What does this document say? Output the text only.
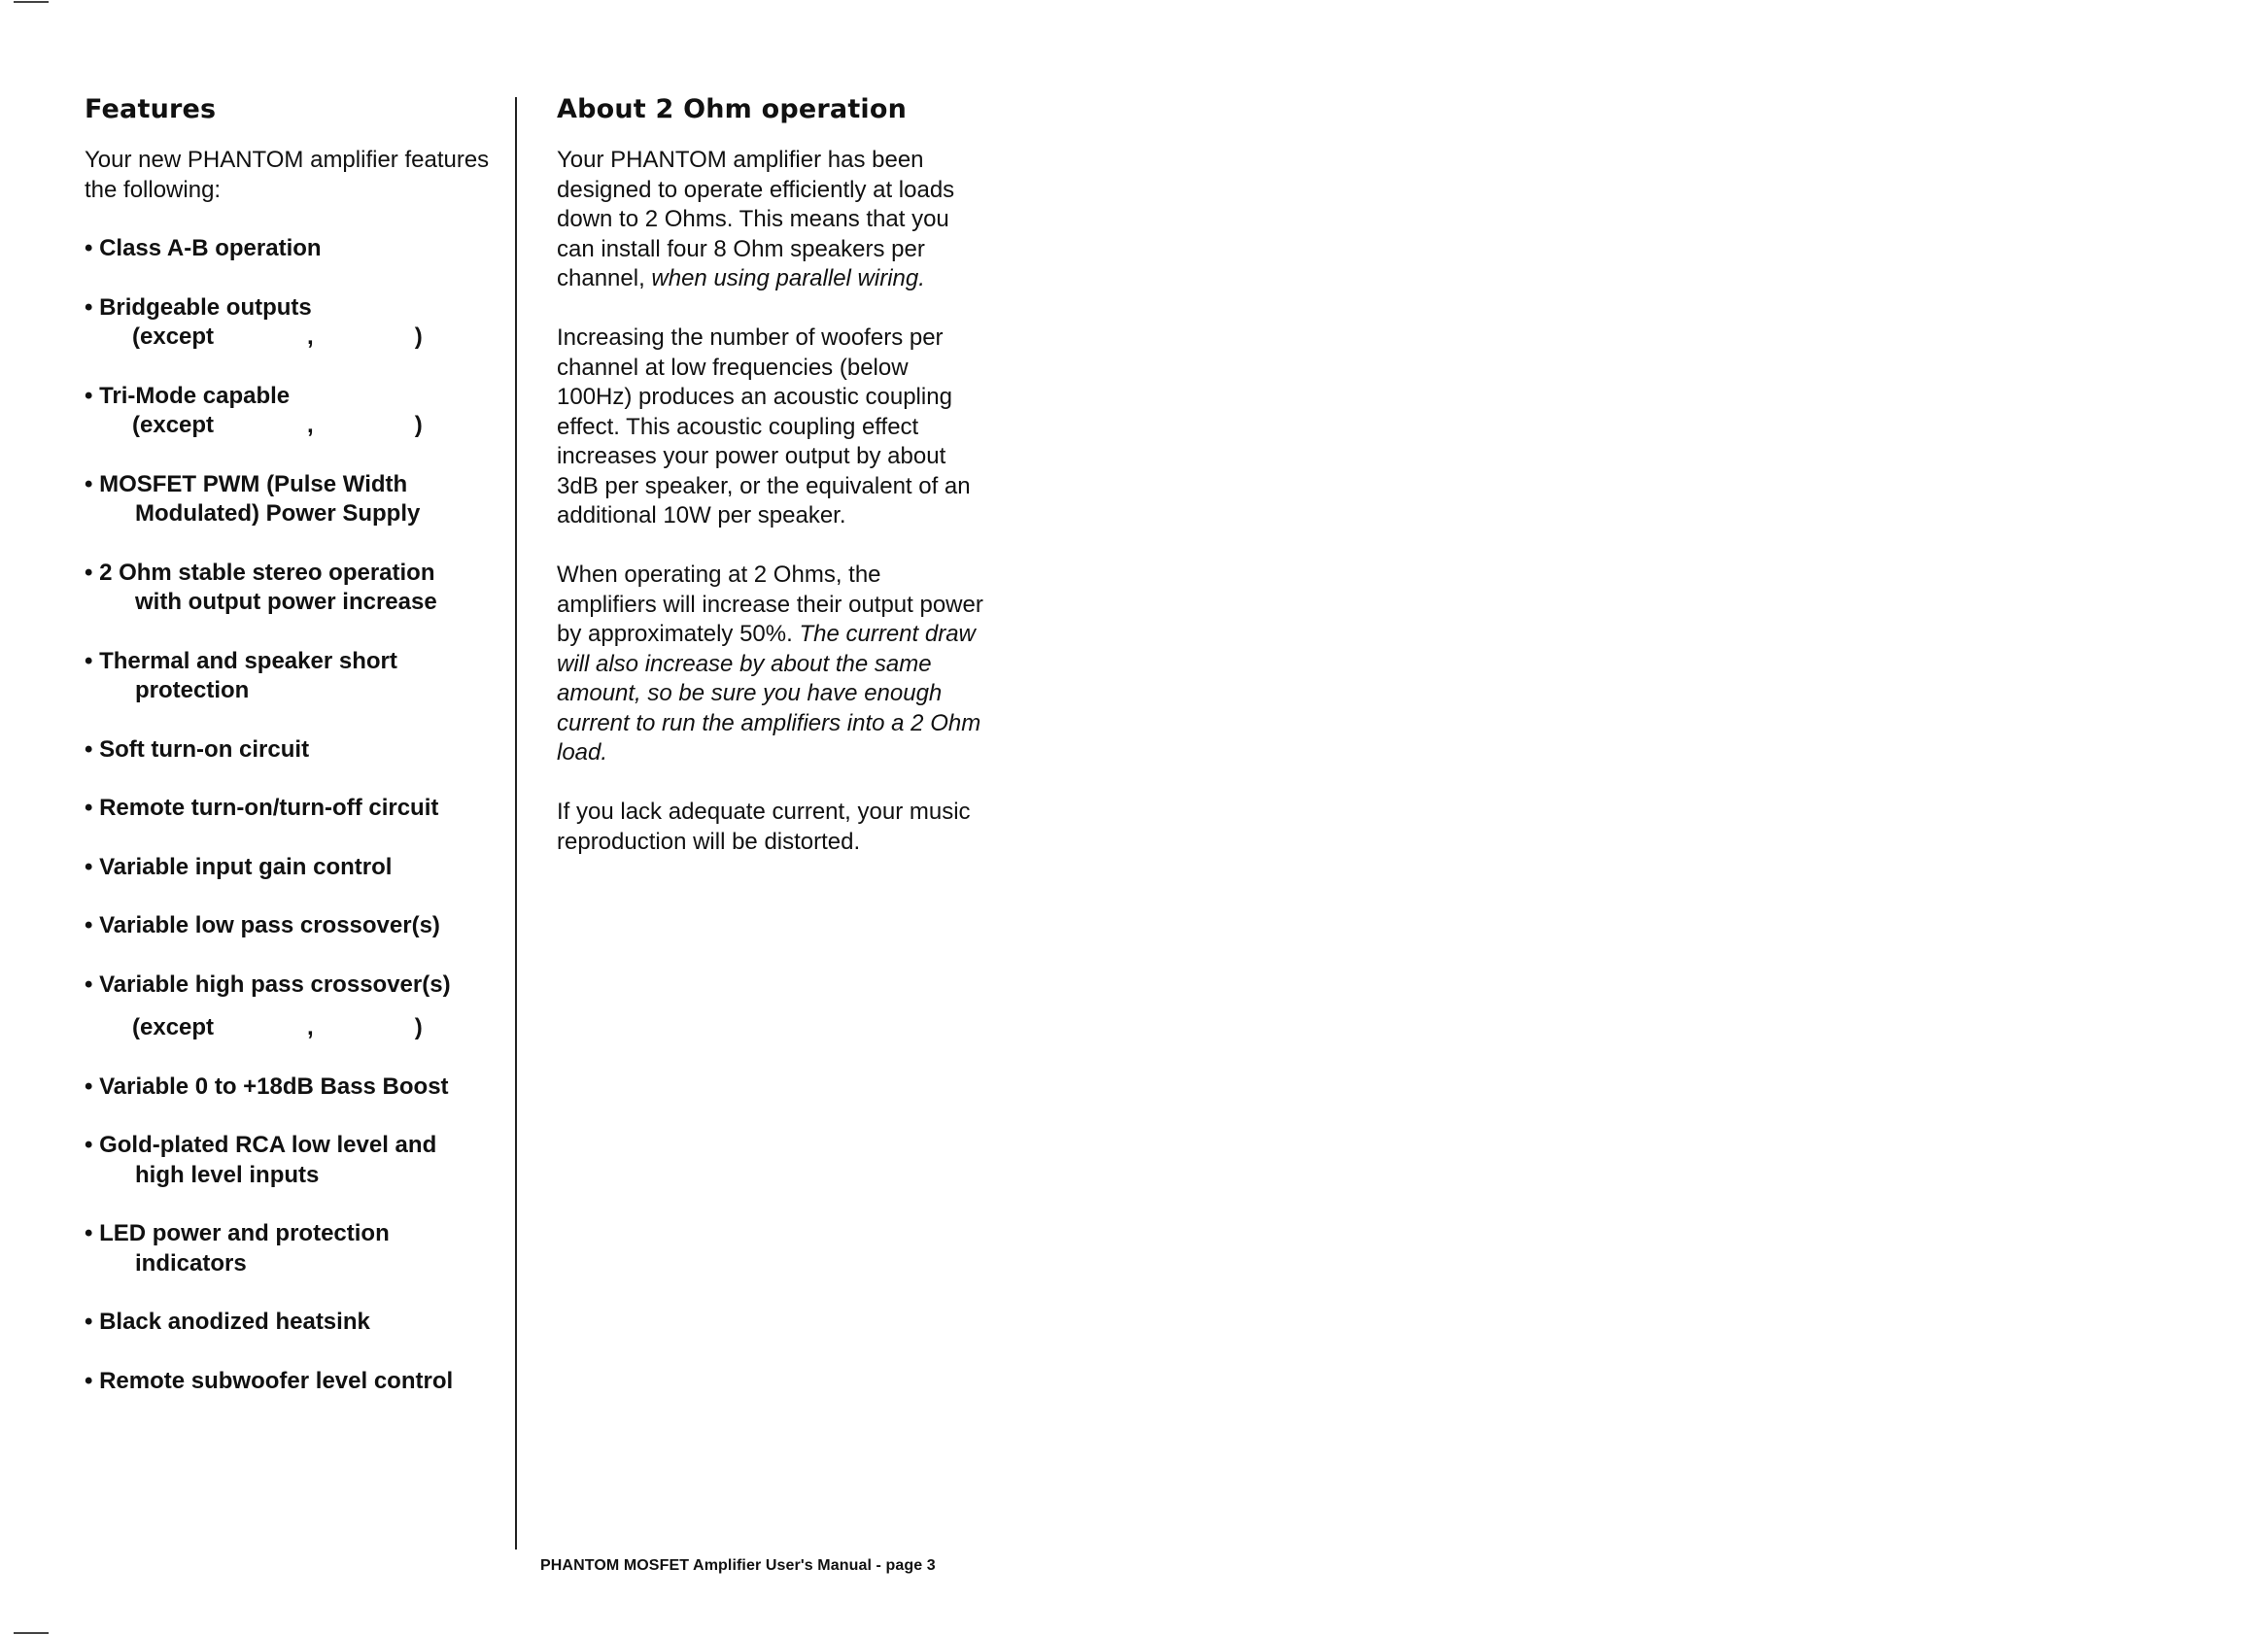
Features

Your new PHANTOM amplifier features the following:

• Class A-B operation
• Bridgeable outputs
(except	,	)
• Tri-Mode capable
(except	,	)
• MOSFET PWM (Pulse Width
Modulated) Power Supply
• 2 Ohm stable stereo operation
with output power increase
• Thermal and speaker short
protection
• Soft turn-on circuit
• Remote turn-on/turn-off circuit
• Variable input gain control
• Variable low pass crossover(s)
• Variable high pass crossover(s)
(except	,	)
• Variable 0 to +18dB Bass Boost
• Gold-plated RCA low level and
high level inputs
• LED power and protection
indicators
• Black anodized heatsink
• Remote subwoofer level control
About 2 Ohm operation

Your PHANTOM amplifier has been designed to operate efficiently at loads down to 2 Ohms. This means that you can install four 8 Ohm speakers per channel, when using parallel wiring.

Increasing the number of woofers per channel at low frequencies (below 100Hz) produces an acoustic coupling effect. This acoustic coupling effect increases your power output by about 3dB per speaker, or the equivalent of an additional 10W per speaker.

When operating at 2 Ohms, the amplifiers will increase their output power by approximately 50%. The current draw will also increase by about the same amount, so be sure you have enough current to run the amplifiers into a 2 Ohm load.

If you lack adequate current, your music reproduction will be distorted.

PHANTOM MOSFET Amplifier User's Manual - page 3
